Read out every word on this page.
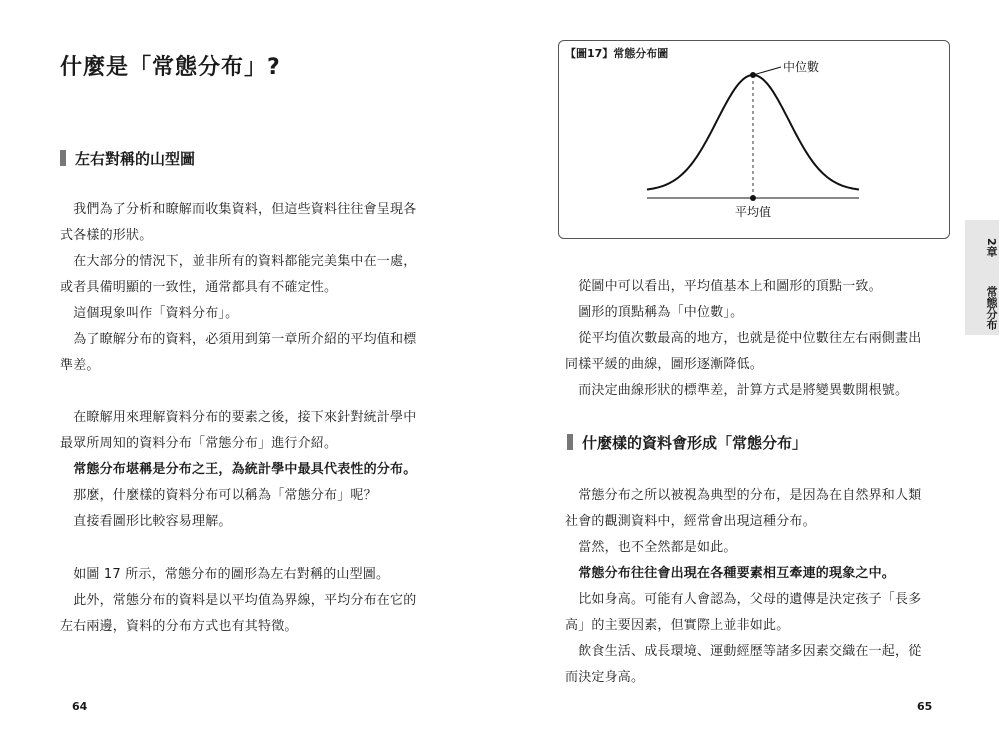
什麼是「常態分布」?
左右對稱的山型圖

　我們為了分析和瞭解而收集資料，但這些資料往往會呈現各

式各樣的形狀。

　在大部分的情況下，並非所有的資料都能完美集中在一處，

或者具備明顯的一致性，通常都具有不確定性。

　這個現象叫作「資料分布」。

　為了瞭解分布的資料，必須用到第一章所介紹的平均值和標

準差。

　在瞭解用來理解資料分布的要素之後，接下來針對統計學中

最眾所周知的資料分布「常態分布」進行介紹。

　常態分布堪稱是分布之王，為統計學中最具代表性的分布。

　那麼，什麼樣的資料分布可以稱為「常態分布」呢？

　直接看圖形比較容易理解。

　如圖 17 所示，常態分布的圖形為左右對稱的山型圖。

　此外，常態分布的資料是以平均值為界線，平均分布在它的

左右兩邊，資料的分布方式也有其特徵。

64
中位數
平均值
【圖17】常態分布圖

　從圖中可以看出，平均值基本上和圖形的頂點一致。

　圖形的頂點稱為「中位數」。

　從平均值次數最高的地方，也就是從中位數往左右兩側畫出

同樣平緩的曲線，圖形逐漸降低。

　而決定曲線形狀的標準差，計算方式是將變異數開根號。

什麼樣的資料會形成「常態分布」

　常態分布之所以被視為典型的分布，是因為在自然界和人類

社會的觀測資料中，經常會出現這種分布。

　當然，也不全然都是如此。

　常態分布往往會出現在各種要素相互牽連的現象之中。

　比如身高。可能有人會認為，父母的遺傳是決定孩子「長多

高」的主要因素，但實際上並非如此。

　飲食生活、成長環境、運動經歷等諸多因素交織在一起，從

而決定身高。

65
2章
常態分布
